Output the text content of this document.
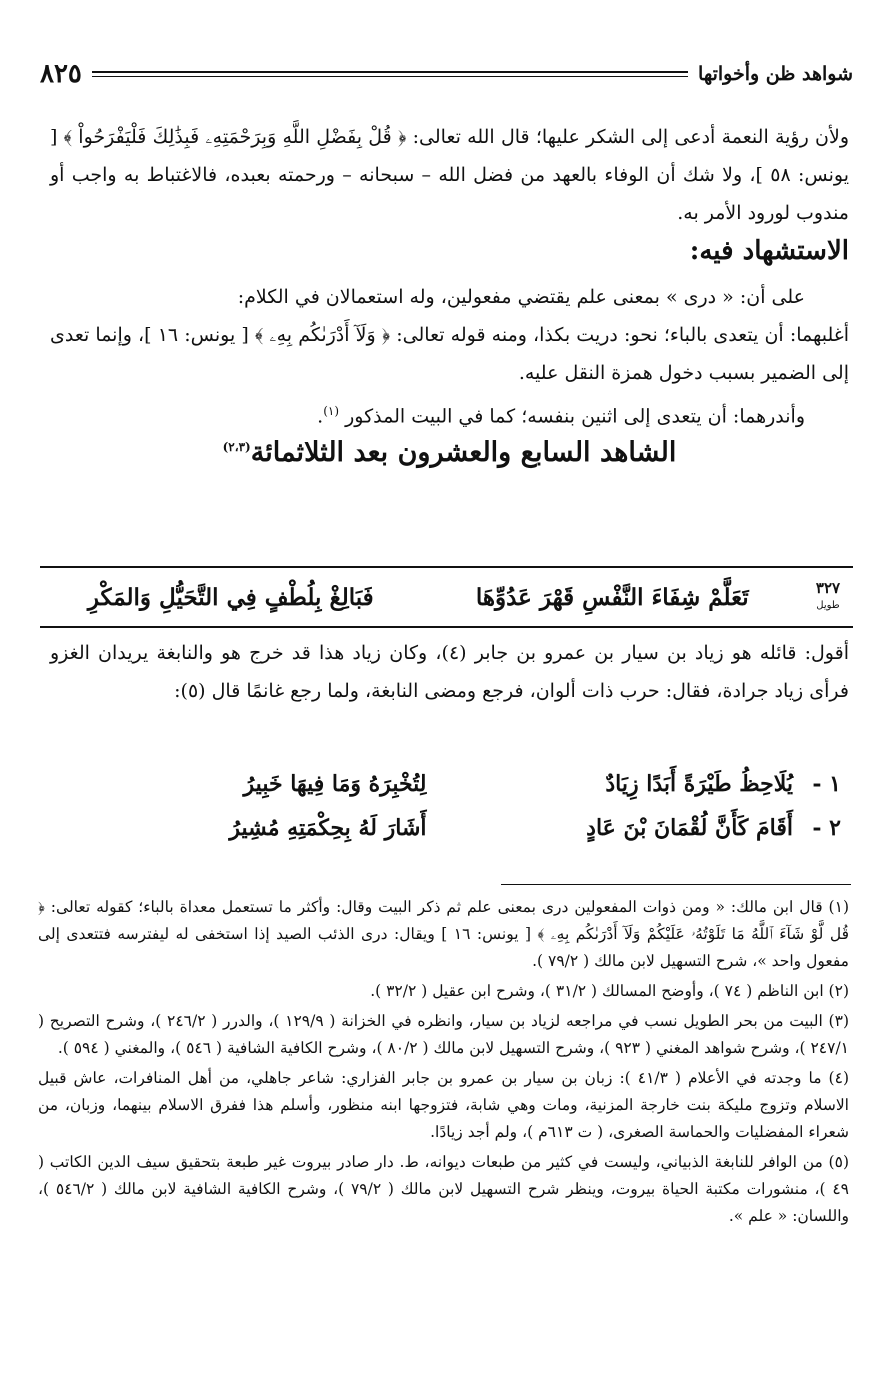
شواهد ظن وأخواتها
٨٢٥

ولأن رؤية النعمة أدعى إلى الشكر عليها؛ قال الله تعالى: ﴿ قُلْ بِفَضْلِ اللَّهِ وَبِرَحْمَتِهِۦ فَبِذَٰلِكَ فَلْيَفْرَحُواْ ﴾ [ يونس: ٥٨ ]، ولا شك أن الوفاء بالعهد من فضل الله – سبحانه – ورحمته بعبده، فالاغتباط به واجب أو مندوب لورود الأمر به.

الاستشهاد فيه:

على أن: « درى » بمعنى علم يقتضي مفعولين، وله استعمالان في الكلام:

أغلبهما: أن يتعدى بالباء؛ نحو: دريت بكذا، ومنه قوله تعالى: ﴿ وَلَآ أَدْرَىٰكُم بِهِۦ ﴾ [ يونس: ١٦ ]، وإنما تعدى إلى الضمير بسبب دخول همزة النقل عليه.

وأندرهما: أن يتعدى إلى اثنين بنفسه؛ كما في البيت المذكور $^{(١)}$.

الشاهد السابع والعشرون بعد الثلاثمائة$^{(٢،٣)}$
٣٢٧
طويل
تَعَلَّمْ شِفَاءَ النَّفْسِ قَهْرَ عَدُوِّهَا
فَبَالِغْ بِلُطْفٍ فِي التَّحَيُّلِ وَالمَكْرِ

أقول: قائله هو زياد بن سيار بن عمرو بن جابر (٤)، وكان زياد هذا قد خرج هو والنابغة يريدان الغزو فرأى زياد جرادة، فقال: حرب ذات ألوان، فرجع ومضى النابغة، ولما رجع غانمًا قال (٥):

١ -
يُلَاحِظُ طَيْرَةً أَبَدًا زِيَادٌ
لِتُخْبِرَهُ وَمَا فِيهَا خَبِيرُ
٢ -
أَقَامَ كَأَنَّ لُقْمَانَ بْنَ عَادٍ
أَشَارَ لَهُ بِحِكْمَتِهِ مُشِيرُ

(١) قال ابن مالك: « ومن ذوات المفعولين درى بمعنى علم ثم ذكر البيت وقال: وأكثر ما تستعمل معداة بالباء؛ كقوله تعالى: ﴿ قُل لَّوْ شَآءَ ٱللَّهُ مَا تَلَوْتُهُۥ عَلَيْكُمْ وَلَآ أَدْرَىٰكُم بِهِۦ ﴾ [ يونس: ١٦ ] ويقال: درى الذئب الصيد إذا استخفى له ليفترسه فتتعدى إلى مفعول واحد »، شرح التسهيل لابن مالك ( ٧٩/٢ ).

(٢) ابن الناظم ( ٧٤ )، وأوضح المسالك ( ٣١/٢ )، وشرح ابن عقيل ( ٣٢/٢ ).

(٣) البيت من بحر الطويل نسب في مراجعه لزياد بن سيار، وانظره في الخزانة ( ١٢٩/٩ )، والدرر ( ٢٤٦/٢ )، وشرح التصريح ( ٢٤٧/١ )، وشرح شواهد المغني ( ٩٢٣ )، وشرح التسهيل لابن مالك ( ٨٠/٢ )، وشرح الكافية الشافية ( ٥٤٦ )، والمغني ( ٥٩٤ ).

(٤) ما وجدته في الأعلام ( ٤١/٣ ): زبان بن سيار بن عمرو بن جابر الفزاري: شاعر جاهلي، من أهل المنافرات، عاش قبيل الاسلام وتزوج مليكة بنت خارجة المزنية، ومات وهي شابة، فتزوجها ابنه منظور، وأسلم هذا ففرق الاسلام بينهما، وزبان، من شعراء المفضليات والحماسة الصغرى، ( ت ٦١٣م )، ولم أجد زيادًا.

(٥) من الوافر للنابغة الذبياني، وليست في كثير من طبعات ديوانه، ط. دار صادر بيروت غير طبعة بتحقيق سيف الدين الكاتب ( ٤٩ )، منشورات مكتبة الحياة بيروت، وينظر شرح التسهيل لابن مالك ( ٧٩/٢ )، وشرح الكافية الشافية لابن مالك ( ٥٤٦/٢ )، واللسان: « علم ».
